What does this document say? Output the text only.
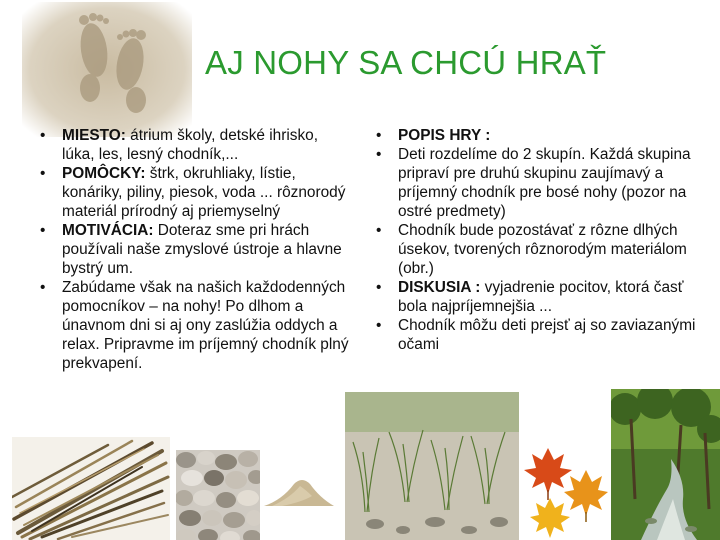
AJ NOHY SA CHCÚ HRAŤ
• MIESTO: átrium školy, detské ihrisko, lúka, les, lesný chodník,...
• POMÔCKY: štrk, okruhliaky, lístie, konáriky, piliny, piesok, voda ... rôznorodý materiál prírodný aj priemyselný
• MOTIVÁCIA: Doteraz sme pri hrách používali naše zmyslové ústroje a hlavne bystrý um.
• Zabúdame však na našich každodenných pomocníkov – na nohy! Po dlhom a únavnom dni si aj ony zaslúžia oddych a relax. Pripravme im príjemný chodník plný prekvapení.
• POPIS HRY :
• Deti rozdelíme do 2 skupín. Každá skupina pripraví pre druhú skupinu zaujímavý a príjemný chodník pre bosé nohy (pozor na ostré predmety)
• Chodník bude pozostávať z rôzne dlhých úsekov, tvorených rôznorodým materiálom (obr.)
• DISKUSIA : vyjadrenie pocitov, ktorá časť bola najpríjemnejšia ...
• Chodník môžu deti prejsť aj so zaviazanými očami
